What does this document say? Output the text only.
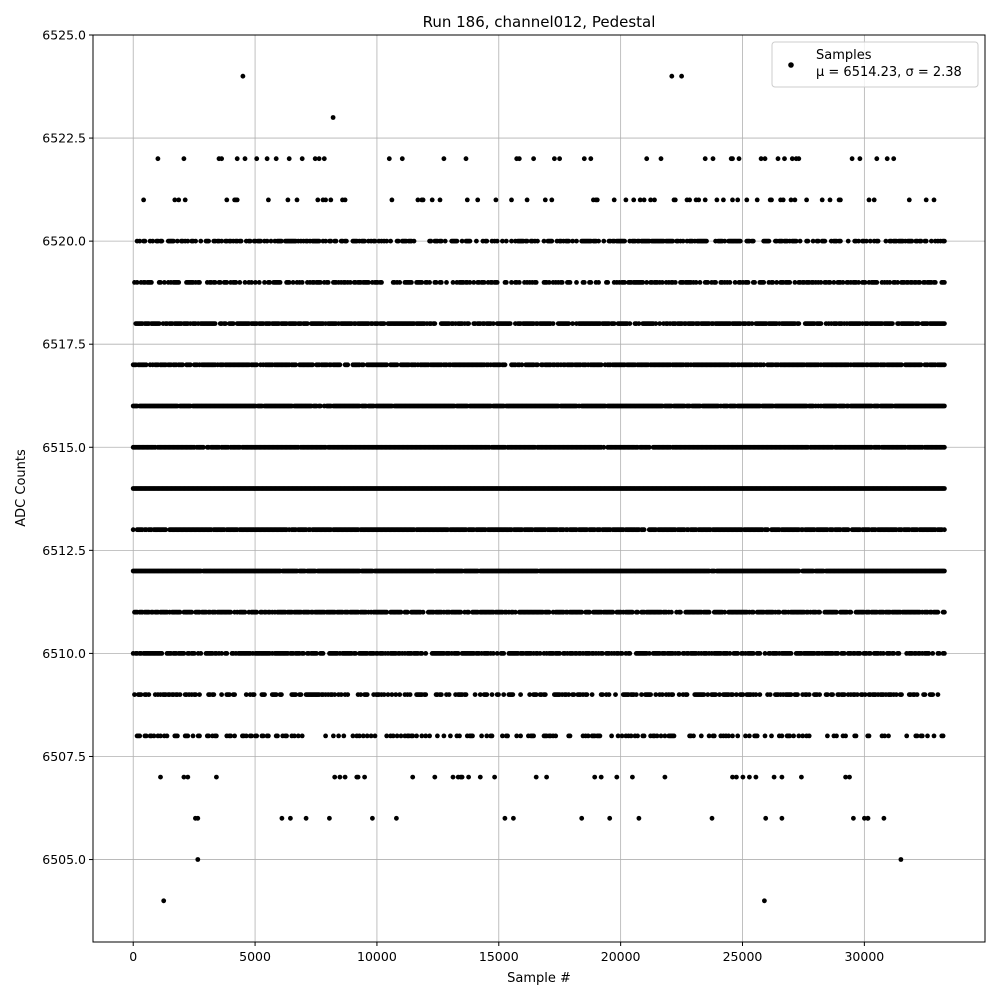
0	5000	10000	15000	20000	25000	30000
6505.0
6507.5
6510.0
6512.5
6515.0
6517.5
6520.0
6522.5
6525.0
Run 186, channel012, Pedestal
Sample #
ADC Counts
Samples
μ = 6514.23, σ = 2.38
